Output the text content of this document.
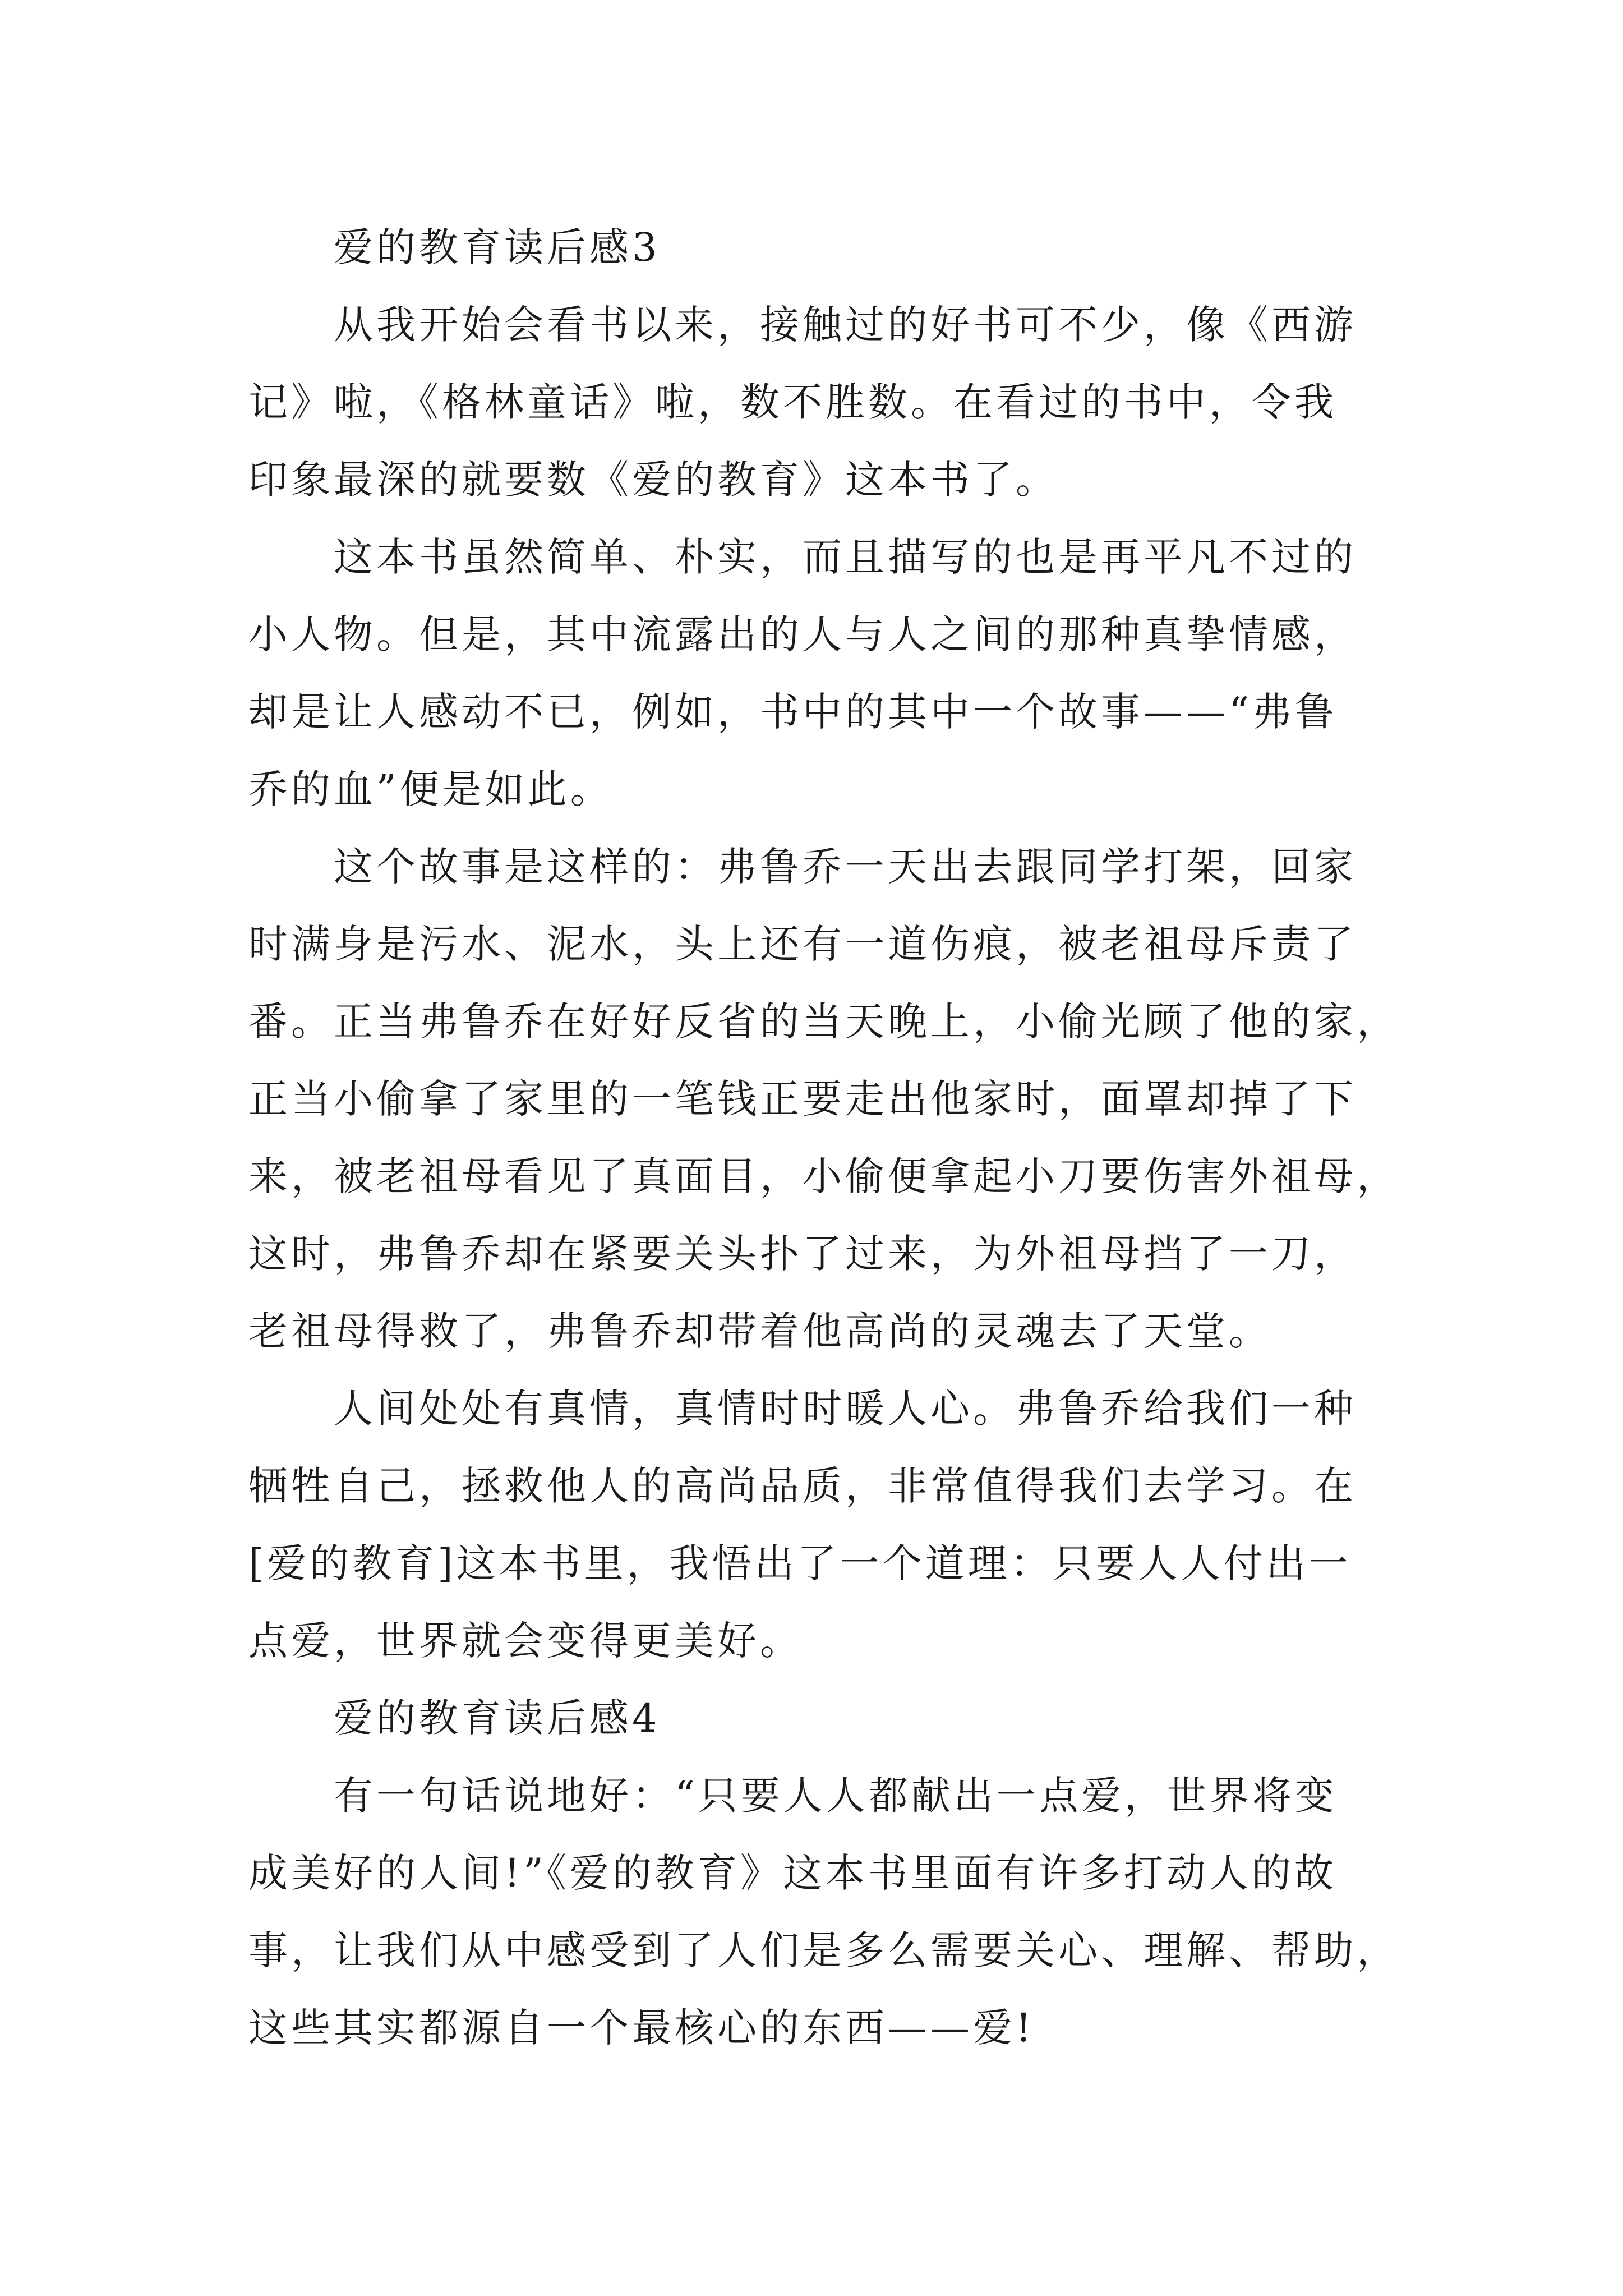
爱的教育读后感3
从我开始会看书以来，接触过的好书可不少，像《西游
记》啦，《格林童话》啦，数不胜数。在看过的书中，令我
印象最深的就要数《爱的教育》这本书了。
这本书虽然简单、朴实，而且描写的也是再平凡不过的
小人物。但是，其中流露出的人与人之间的那种真挚情感，
却是让人感动不已，例如，书中的其中一个故事——“弗鲁
乔的血”便是如此。
这个故事是这样的：弗鲁乔一天出去跟同学打架，回家
时满身是污水、泥水，头上还有一道伤痕，被老祖母斥责了
番。正当弗鲁乔在好好反省的当天晚上，小偷光顾了他的家，
正当小偷拿了家里的一笔钱正要走出他家时，面罩却掉了下
来，被老祖母看见了真面目，小偷便拿起小刀要伤害外祖母，
这时，弗鲁乔却在紧要关头扑了过来，为外祖母挡了一刀，
老祖母得救了，弗鲁乔却带着他高尚的灵魂去了天堂。
人间处处有真情，真情时时暖人心。弗鲁乔给我们一种
牺牲自己，拯救他人的高尚品质，非常值得我们去学习。在
[爱的教育]这本书里，我悟出了一个道理：只要人人付出一
点爱，世界就会变得更美好。
爱的教育读后感4
有一句话说地好：“只要人人都献出一点爱，世界将变
成美好的人间!”《爱的教育》这本书里面有许多打动人的故
事，让我们从中感受到了人们是多么需要关心、理解、帮助，
这些其实都源自一个最核心的东西——爱!
